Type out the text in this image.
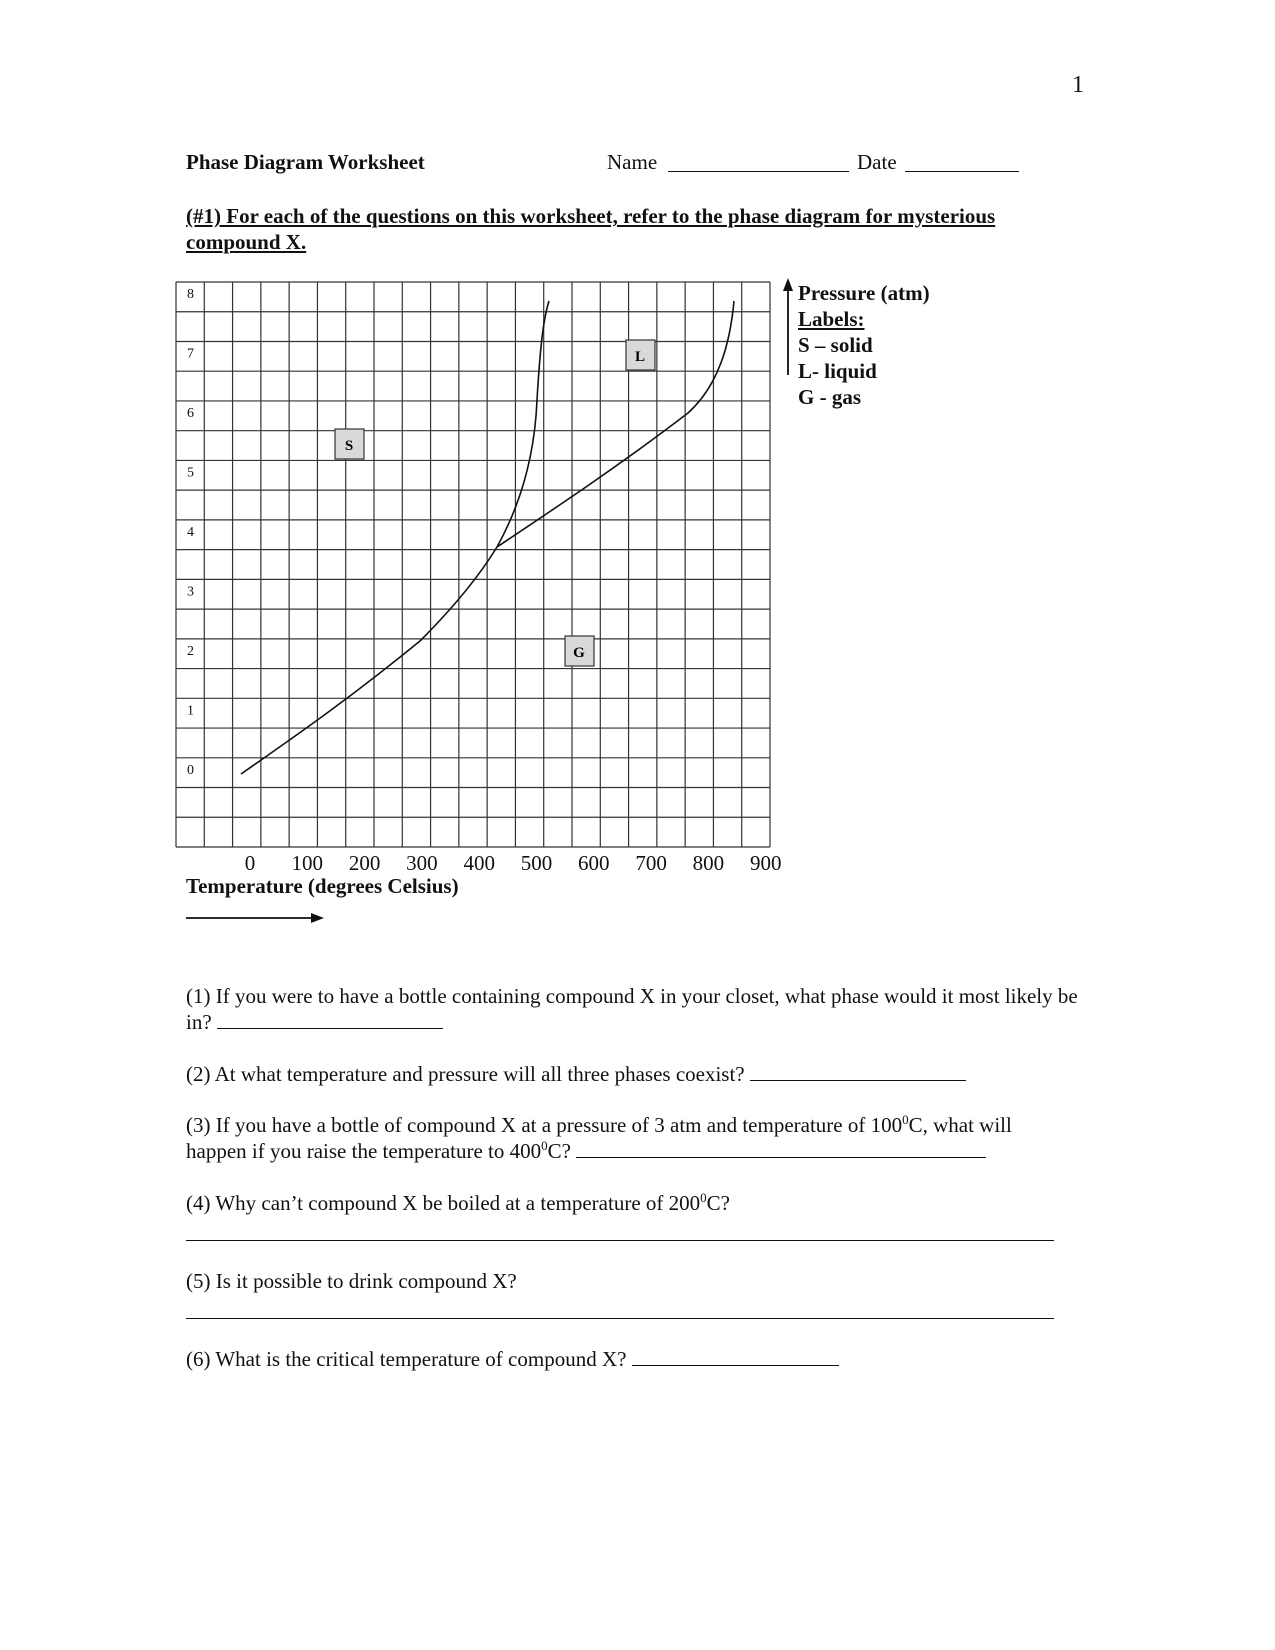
1
Phase Diagram Worksheet	Name	Date
(#1) For each of the questions on this worksheet, refer to the phase diagram for mysterious compound X.
S
L
G
8
7
6
5
4
3
2
1
0
0 100 200 300 400 500 600 700 800 900
Pressure (atm)
Labels:
S – solid
L- liquid
G - gas
Temperature (degrees Celsius)
(1) If you were to have a bottle containing compound X in your closet, what phase would it most likely be in?
(2) At what temperature and pressure will all three phases coexist?
(3) If you have a bottle of compound X at a pressure of 3 atm and temperature of $100^0C$, what will happen if you raise the temperature to $400^0C$?
(4) Why can’t compound X be boiled at a temperature of $200^0C$?
(5) Is it possible to drink compound X?
(6) What is the critical temperature of compound X?
